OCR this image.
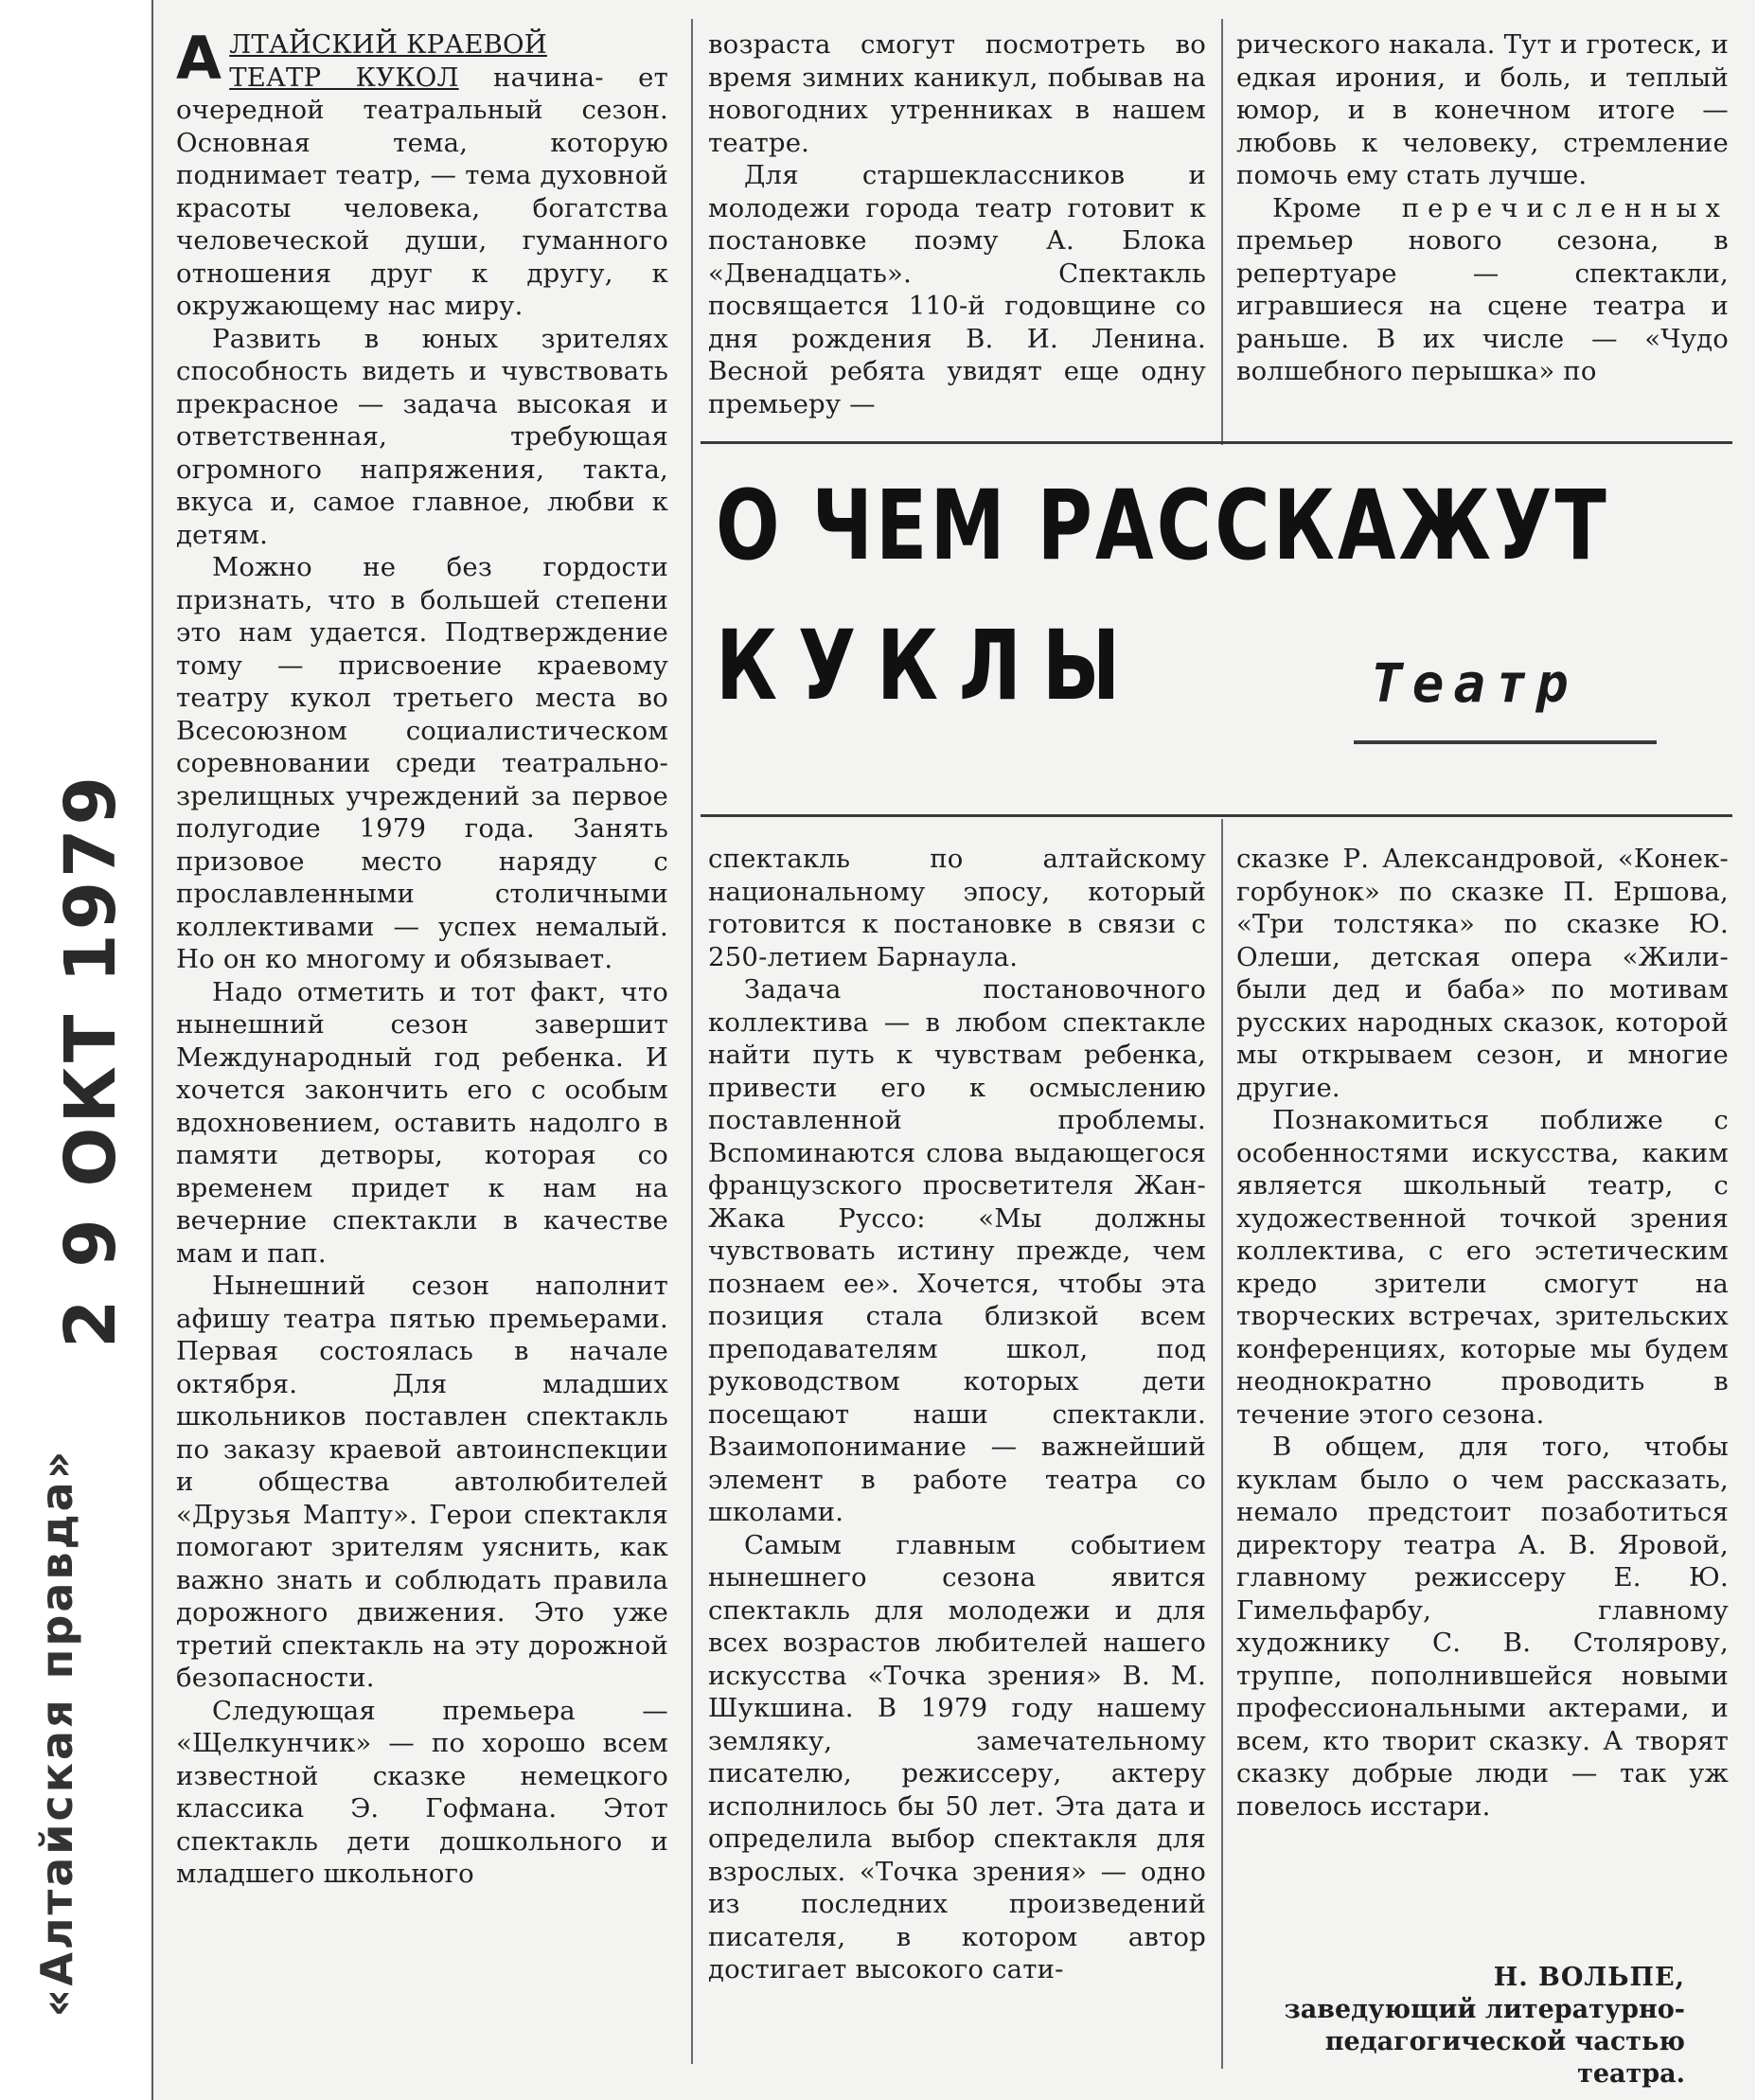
2 9 ОКТ 1979
«Алтайская правда»

АЛТАЙСКИЙ КРАЕВОЙ
ТЕАТР КУКОЛ начина- ет очередной театральный сезон. Основная тема, которую поднимает театр, — тема духовной красоты человека, богатства человеческой души, гуманного отношения друг к другу, к окружающему нас миру.

Развить в юных зрителях способность видеть и чувствовать прекрасное — задача высокая и ответственная, требующая огромного напряжения, такта, вкуса и, самое главное, любви к детям.

Можно не без гордости признать, что в большей степени это нам удается. Подтверждение тому — присвоение краевому театру кукол третьего места во Всесоюзном социалистическом соревновании среди театрально-зрелищных учреждений за первое полугодие 1979 года. Занять призовое место наряду с прославленными столичными коллективами — успех немалый. Но он ко многому и обязывает.

Надо отметить и тот факт, что нынешний сезон завершит Международный год ребенка. И хочется закончить его с особым вдохновением, оставить надолго в памяти детворы, которая со временем придет к нам на вечерние спектакли в качестве мам и пап.

Нынешний сезон наполнит афишу театра пятью премьерами. Первая состоялась в начале октября. Для младших школьников поставлен спектакль по заказу краевой автоинспекции и общества автолюбителей «Друзья Мапту». Герои спектакля помогают зрителям уяснить, как важно знать и соблюдать правила дорожного движения. Это уже третий спектакль на эту дорожной безопасности.

Следующая премьера — «Щелкунчик» — по хорошо всем известной сказке немецкого классика Э. Гофмана. Этот спектакль дети дошкольного и младшего школьного

возраста смогут посмотреть во время зимних каникул, побывав на новогодних утренниках в нашем театре.

Для старшеклассников и молодежи города театр готовит к постановке поэму А. Блока «Двенадцать». Спектакль посвящается 110-й годовщине со дня рождения В. И. Ленина. Весной ребята увидят еще одну премьеру —

рического накала. Тут и гротеск, и едкая ирония, и боль, и теплый юмор, и в конечном итоге — любовь к человеку, стремление помочь ему стать лучше.

Кроме перечисленных премьер нового сезона, в репертуаре — спектакли, игравшиеся на сцене театра и раньше. В их числе — «Чудо волшебного перышка» по

О ЧЕМ РАССКАЖУТ
КУКЛЫ	Театр

спектакль по алтайскому национальному эпосу, который готовится к постановке в связи с 250-летием Барнаула.

Задача постановочного коллектива — в любом спектакле найти путь к чувствам ребенка, привести его к осмыслению поставленной проблемы. Вспоминаются слова выдающегося французского просветителя Жан-Жака Руссо: «Мы должны чувствовать истину прежде, чем познаем ее». Хочется, чтобы эта позиция стала близкой всем преподавателям школ, под руководством которых дети посещают наши спектакли. Взаимопонимание — важнейший элемент в работе театра со школами.

Самым главным событием нынешнего сезона явится спектакль для молодежи и для всех возрастов любителей нашего искусства «Точка зрения» В. М. Шукшина. В 1979 году нашему земляку, замечательному писателю, режиссеру, актеру исполнилось бы 50 лет. Эта дата и определила выбор спектакля для взрослых. «Точка зрения» — одно из последних произведений писателя, в котором автор достигает высокого сати-

сказке Р. Александровой, «Конек-горбунок» по сказке П. Ершова, «Три толстяка» по сказке Ю. Олеши, детская опера «Жили-были дед и баба» по мотивам русских народных сказок, которой мы открываем сезон, и многие другие.

Познакомиться поближе с особенностями искусства, каким является школьный театр, с художественной точкой зрения коллектива, с его эстетическим кредо зрители смогут на творческих встречах, зрительских конференциях, которые мы будем неоднократно проводить в течение этого сезона.

В общем, для того, чтобы куклам было о чем рассказать, немало предстоит позаботиться директору театра А. В. Яровой, главному режиссеру Е. Ю. Гимельфарбу, главному художнику С. В. Столярову, труппе, пополнившейся новыми профессиональными актерами, и всем, кто творит сказку. А творят сказку добрые люди — так уж повелось исстари.

Н. ВОЛЬПЕ,
заведующий литературно-
педагогической частью
театра.
